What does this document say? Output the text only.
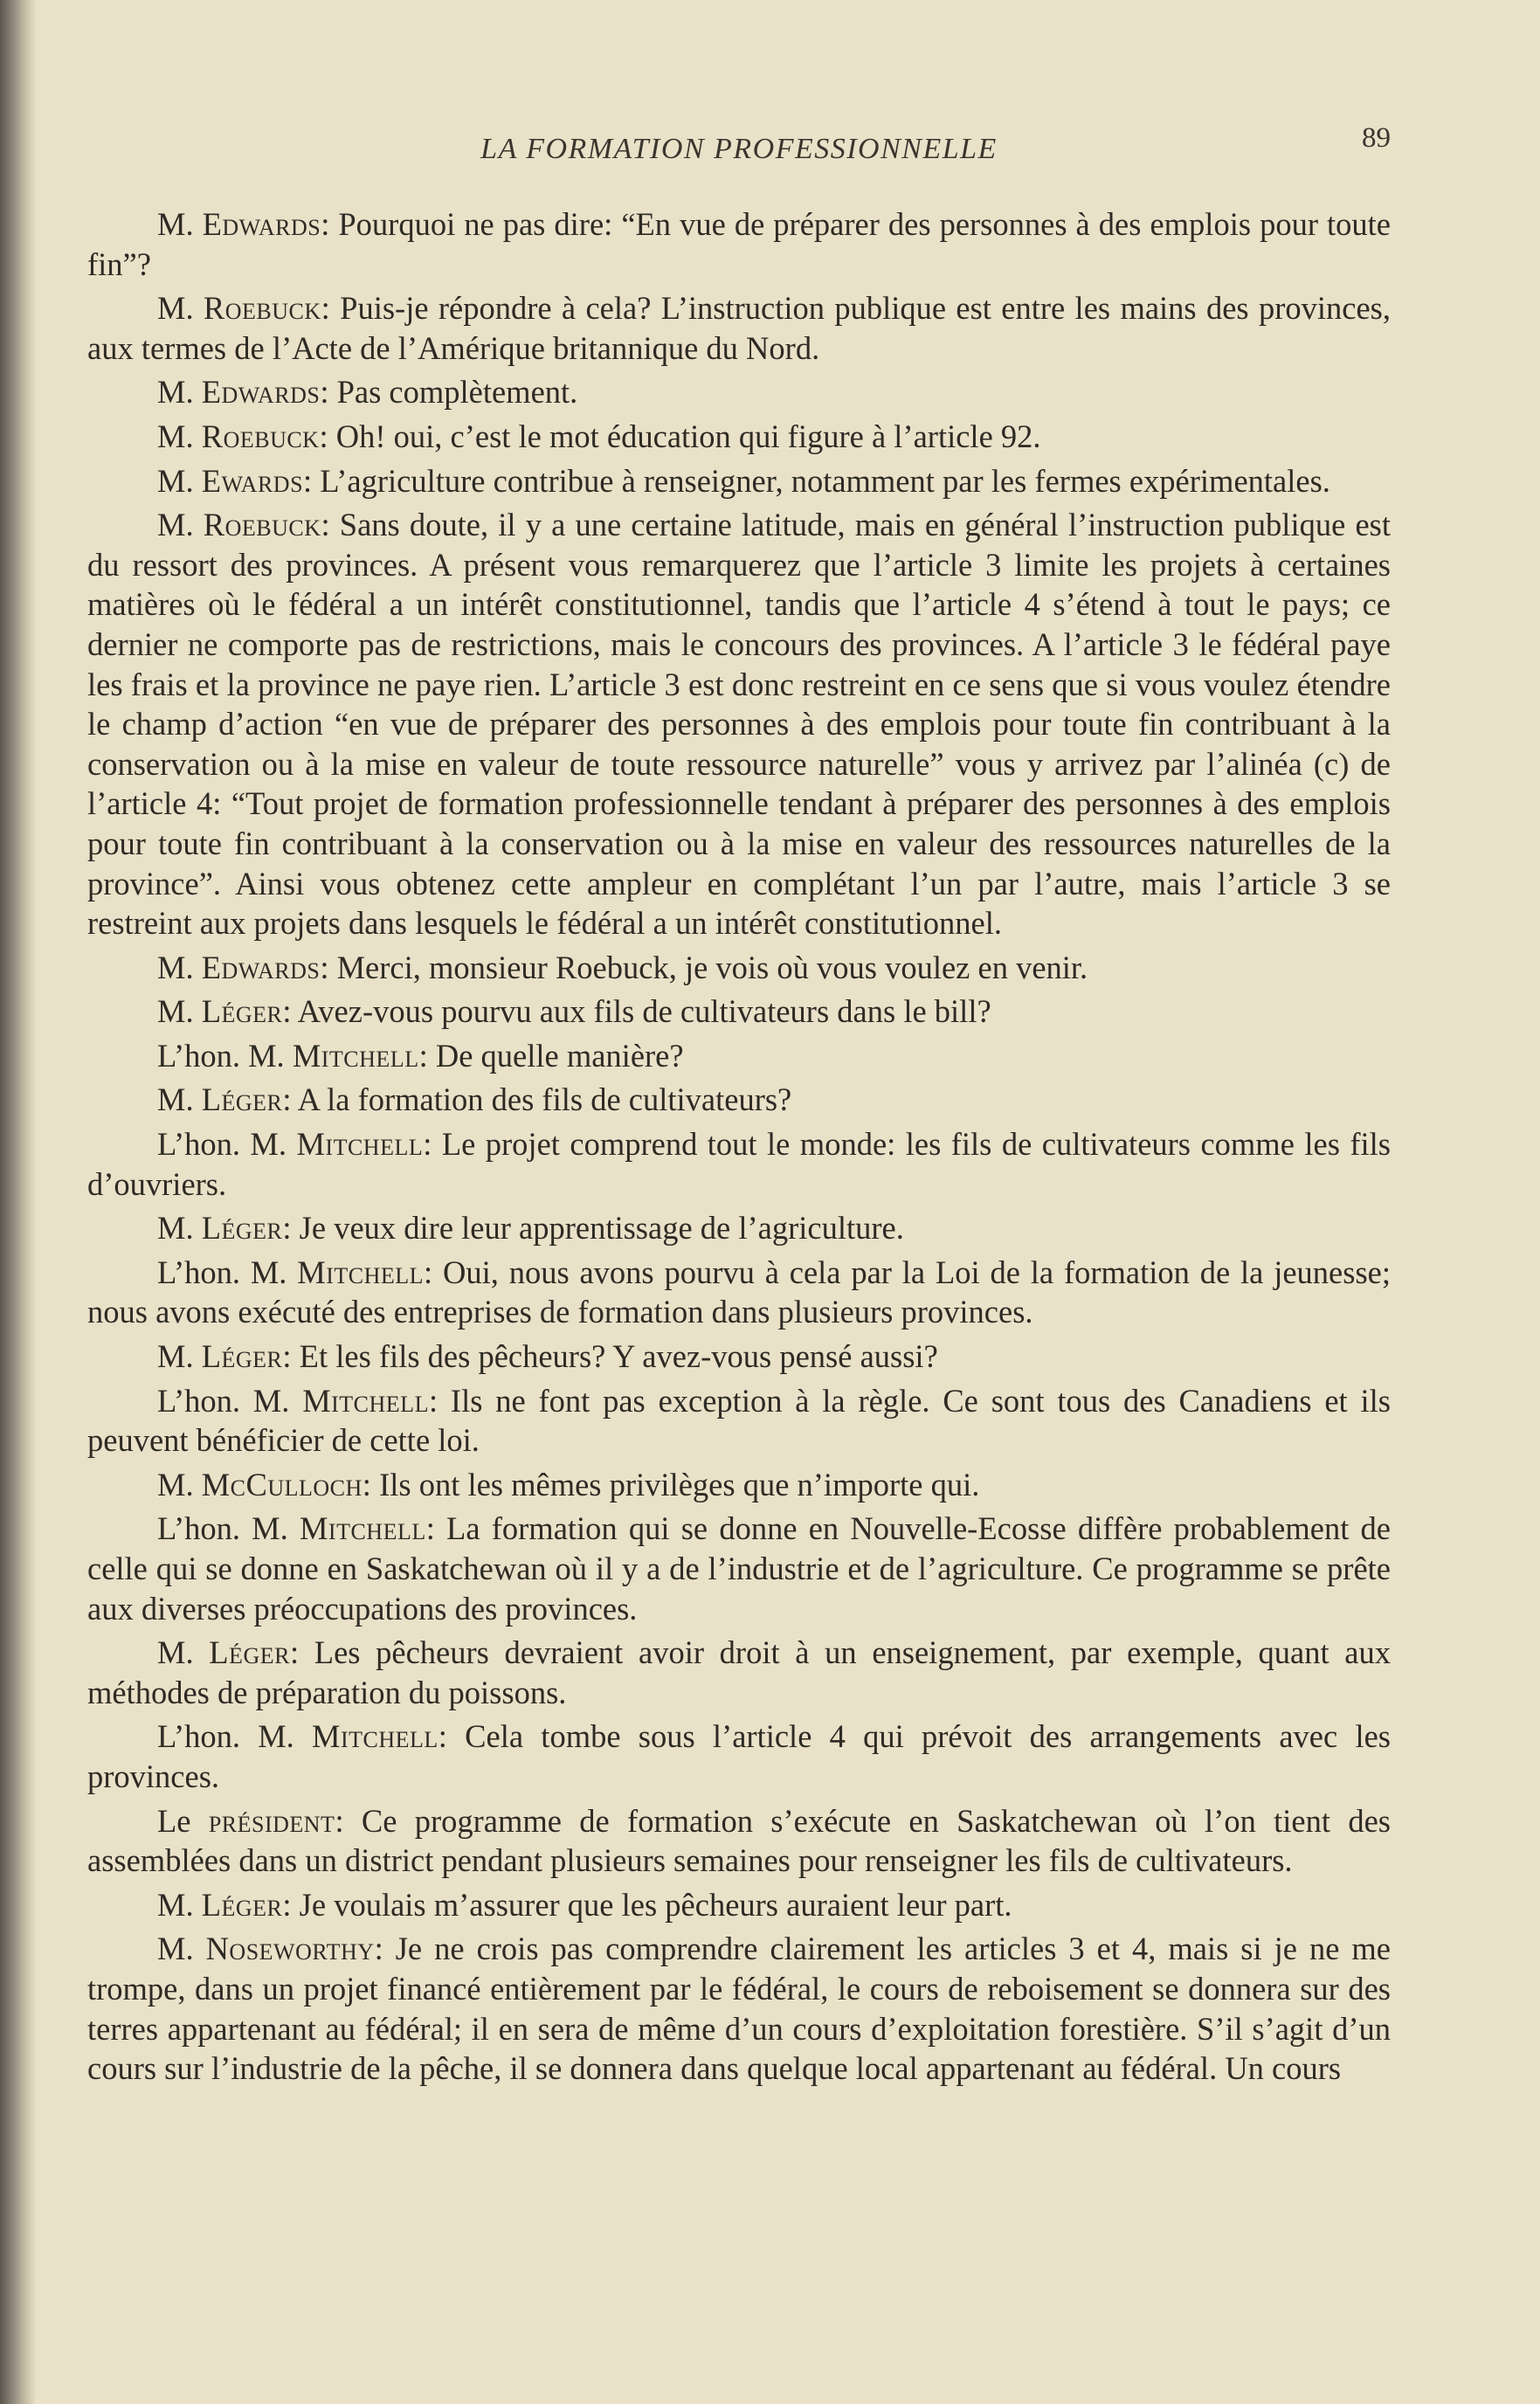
LA FORMATION PROFESSIONNELLE	89

M. Edwards: Pourquoi ne pas dire: “En vue de préparer des personnes à des emplois pour toute fin”?

M. Roebuck: Puis-je répondre à cela? L’instruction publique est entre les mains des provinces, aux termes de l’Acte de l’Amérique britannique du Nord.

M. Edwards: Pas complètement.

M. Roebuck: Oh! oui, c’est le mot éducation qui figure à l’article 92.

M. Ewards: L’agriculture contribue à renseigner, notamment par les fermes expérimentales.

M. Roebuck: Sans doute, il y a une certaine latitude, mais en général l’instruction publique est du ressort des provinces. A présent vous remarquerez que l’article 3 limite les projets à certaines matières où le fédéral a un intérêt constitutionnel, tandis que l’article 4 s’étend à tout le pays; ce dernier ne comporte pas de restrictions, mais le concours des provinces. A l’article 3 le fédéral paye les frais et la province ne paye rien. L’article 3 est donc restreint en ce sens que si vous voulez étendre le champ d’action “en vue de préparer des personnes à des emplois pour toute fin contribuant à la conservation ou à la mise en valeur de toute ressource naturelle” vous y arrivez par l’alinéa (c) de l’article 4: “Tout projet de formation professionnelle tendant à préparer des personnes à des emplois pour toute fin contribuant à la conservation ou à la mise en valeur des ressources naturelles de la province”. Ainsi vous obtenez cette ampleur en complétant l’un par l’autre, mais l’article 3 se restreint aux projets dans lesquels le fédéral a un intérêt constitutionnel.

M. Edwards: Merci, monsieur Roebuck, je vois où vous voulez en venir.

M. Léger: Avez-vous pourvu aux fils de cultivateurs dans le bill?

L’hon. M. Mitchell: De quelle manière?

M. Léger: A la formation des fils de cultivateurs?

L’hon. M. Mitchell: Le projet comprend tout le monde: les fils de cultivateurs comme les fils d’ouvriers.

M. Léger: Je veux dire leur apprentissage de l’agriculture.

L’hon. M. Mitchell: Oui, nous avons pourvu à cela par la Loi de la formation de la jeunesse; nous avons exécuté des entreprises de formation dans plusieurs provinces.

M. Léger: Et les fils des pêcheurs? Y avez-vous pensé aussi?

L’hon. M. Mitchell: Ils ne font pas exception à la règle. Ce sont tous des Canadiens et ils peuvent bénéficier de cette loi.

M. McCulloch: Ils ont les mêmes privilèges que n’importe qui.

L’hon. M. Mitchell: La formation qui se donne en Nouvelle-Ecosse diffère probablement de celle qui se donne en Saskatchewan où il y a de l’industrie et de l’agriculture. Ce programme se prête aux diverses préoccupations des provinces.

M. Léger: Les pêcheurs devraient avoir droit à un enseignement, par exemple, quant aux méthodes de préparation du poissons.

L’hon. M. Mitchell: Cela tombe sous l’article 4 qui prévoit des arrangements avec les provinces.

Le président: Ce programme de formation s’exécute en Saskatchewan où l’on tient des assemblées dans un district pendant plusieurs semaines pour renseigner les fils de cultivateurs.

M. Léger: Je voulais m’assurer que les pêcheurs auraient leur part.

M. Noseworthy: Je ne crois pas comprendre clairement les articles 3 et 4, mais si je ne me trompe, dans un projet financé entièrement par le fédéral, le cours de reboisement se donnera sur des terres appartenant au fédéral; il en sera de même d’un cours d’exploitation forestière. S’il s’agit d’un cours sur l’industrie de la pêche, il se donnera dans quelque local appartenant au fédéral. Un cours
